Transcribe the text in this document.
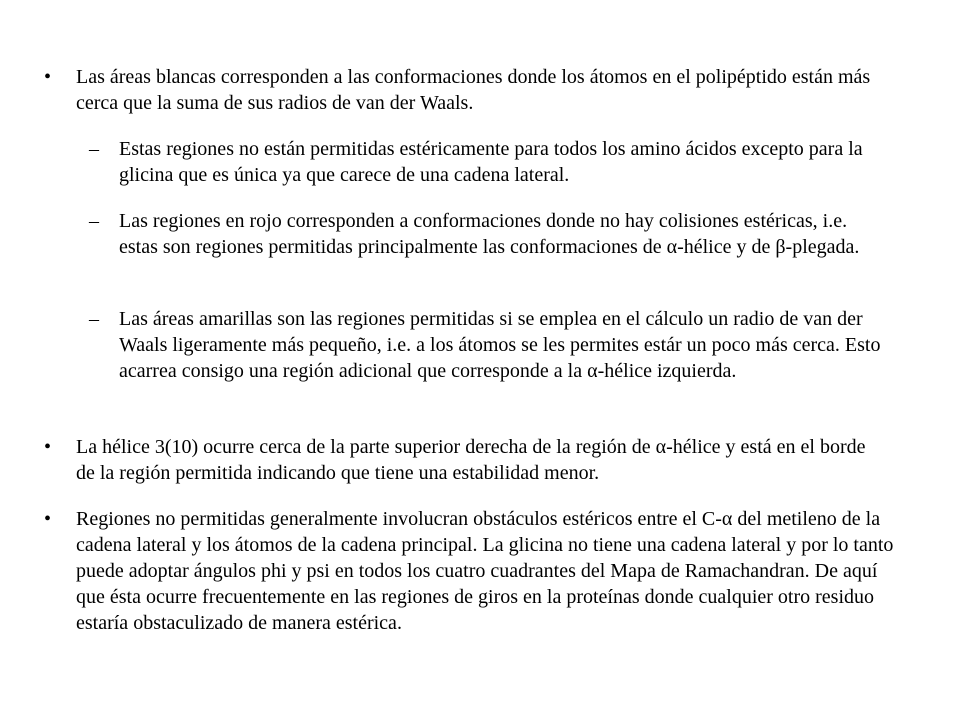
• Las áreas blancas corresponden a las conformaciones donde los átomos en el polipéptido están más cerca que la suma de sus radios de van der Waals.
– Estas regiones no están permitidas estéricamente para todos los amino ácidos excepto para la glicina que es única ya que carece de una cadena lateral.
– Las regiones en rojo corresponden a conformaciones donde no hay colisiones estéricas, i.e. estas son regiones permitidas principalmente las conformaciones de α-hélice y de β-plegada.
– Las áreas amarillas son las regiones permitidas si se emplea en el cálculo un radio de van der Waals ligeramente más pequeño, i.e. a los átomos se les permites estár un poco más cerca. Esto acarrea consigo una región adicional que corresponde a la α-hélice izquierda.
• La hélice 3(10) ocurre cerca de la parte superior derecha de la región de α-hélice y está en el borde de la región permitida indicando que tiene una estabilidad menor.
• Regiones no permitidas generalmente involucran obstáculos estéricos entre el C-α del metileno de la cadena lateral y los átomos de la cadena principal. La glicina no tiene una cadena lateral y por lo tanto puede adoptar ángulos phi y psi en todos los cuatro cuadrantes del Mapa de Ramachandran. De aquí que ésta ocurre frecuentemente en las regiones de giros en la proteínas donde cualquier otro residuo estaría obstaculizado de manera estérica.
